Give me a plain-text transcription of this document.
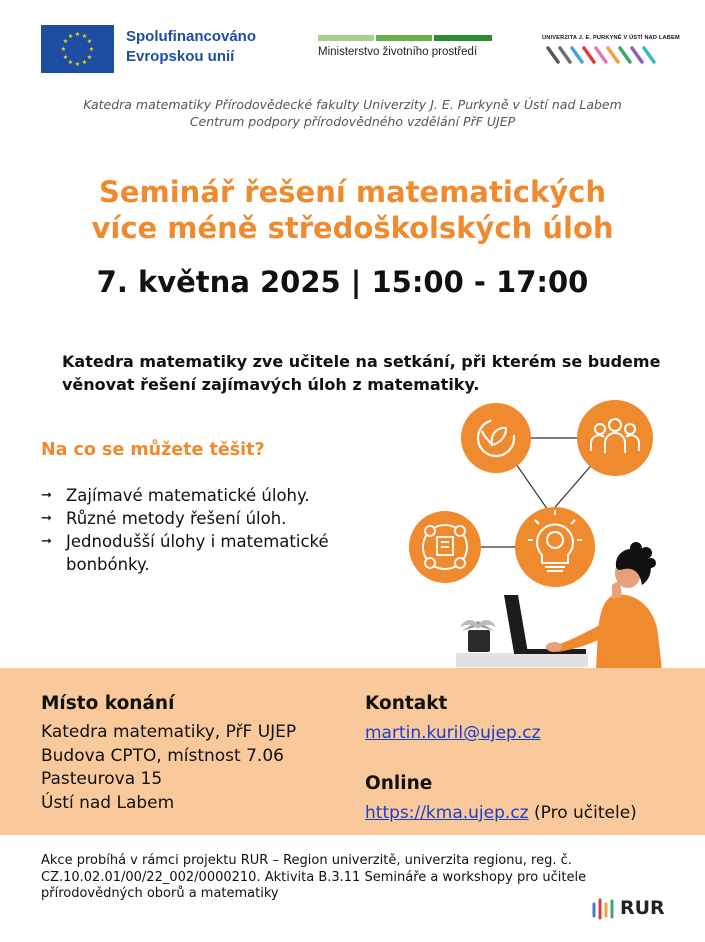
★ ★
★
★
★
★
★
★
★
★
★
★	Spolufinancováno
Evropskou unií	Ministerstvo životního prostředí
UNIVERZITA J. E. PURKYNĚ V ÚSTÍ NAD LABEM
Katedra matematiky Přírodovědecké fakulty Univerzity J. E. Purkyně v Ústí nad Labem
Centrum podpory přírodovědného vzdělání PřF UJEP
Seminář řešení matematických
více méně středoškolských úloh
7. května 2025 | 15:00 - 17:00
Katedra matematiky zve učitele na setkání, při kterém se budeme věnovat řešení zajímavých úloh z matematiky.
Na co se můžete těšit?
➞ Zajímavé matematické úlohy.
➞ Různé metody řešení úloh.
➞ Jednodušší úlohy i matematické bonbónky.
Místo konání
Katedra matematiky, PřF UJEP
Budova CPTO, místnost 7.06
Pasteurova 15
Ústí nad Labem
Kontakt
martin.kuril@ujep.cz
Online
https://kma.ujep.cz (Pro učitele)
Akce probíhá v rámci projektu RUR – Region univerzitě, univerzita regionu, reg. č. CZ.10.02.01/00/22_002/0000210. Aktivita B.3.11 Semináře a workshopy pro učitele přírodovědných oborů a matematiky
RUR
